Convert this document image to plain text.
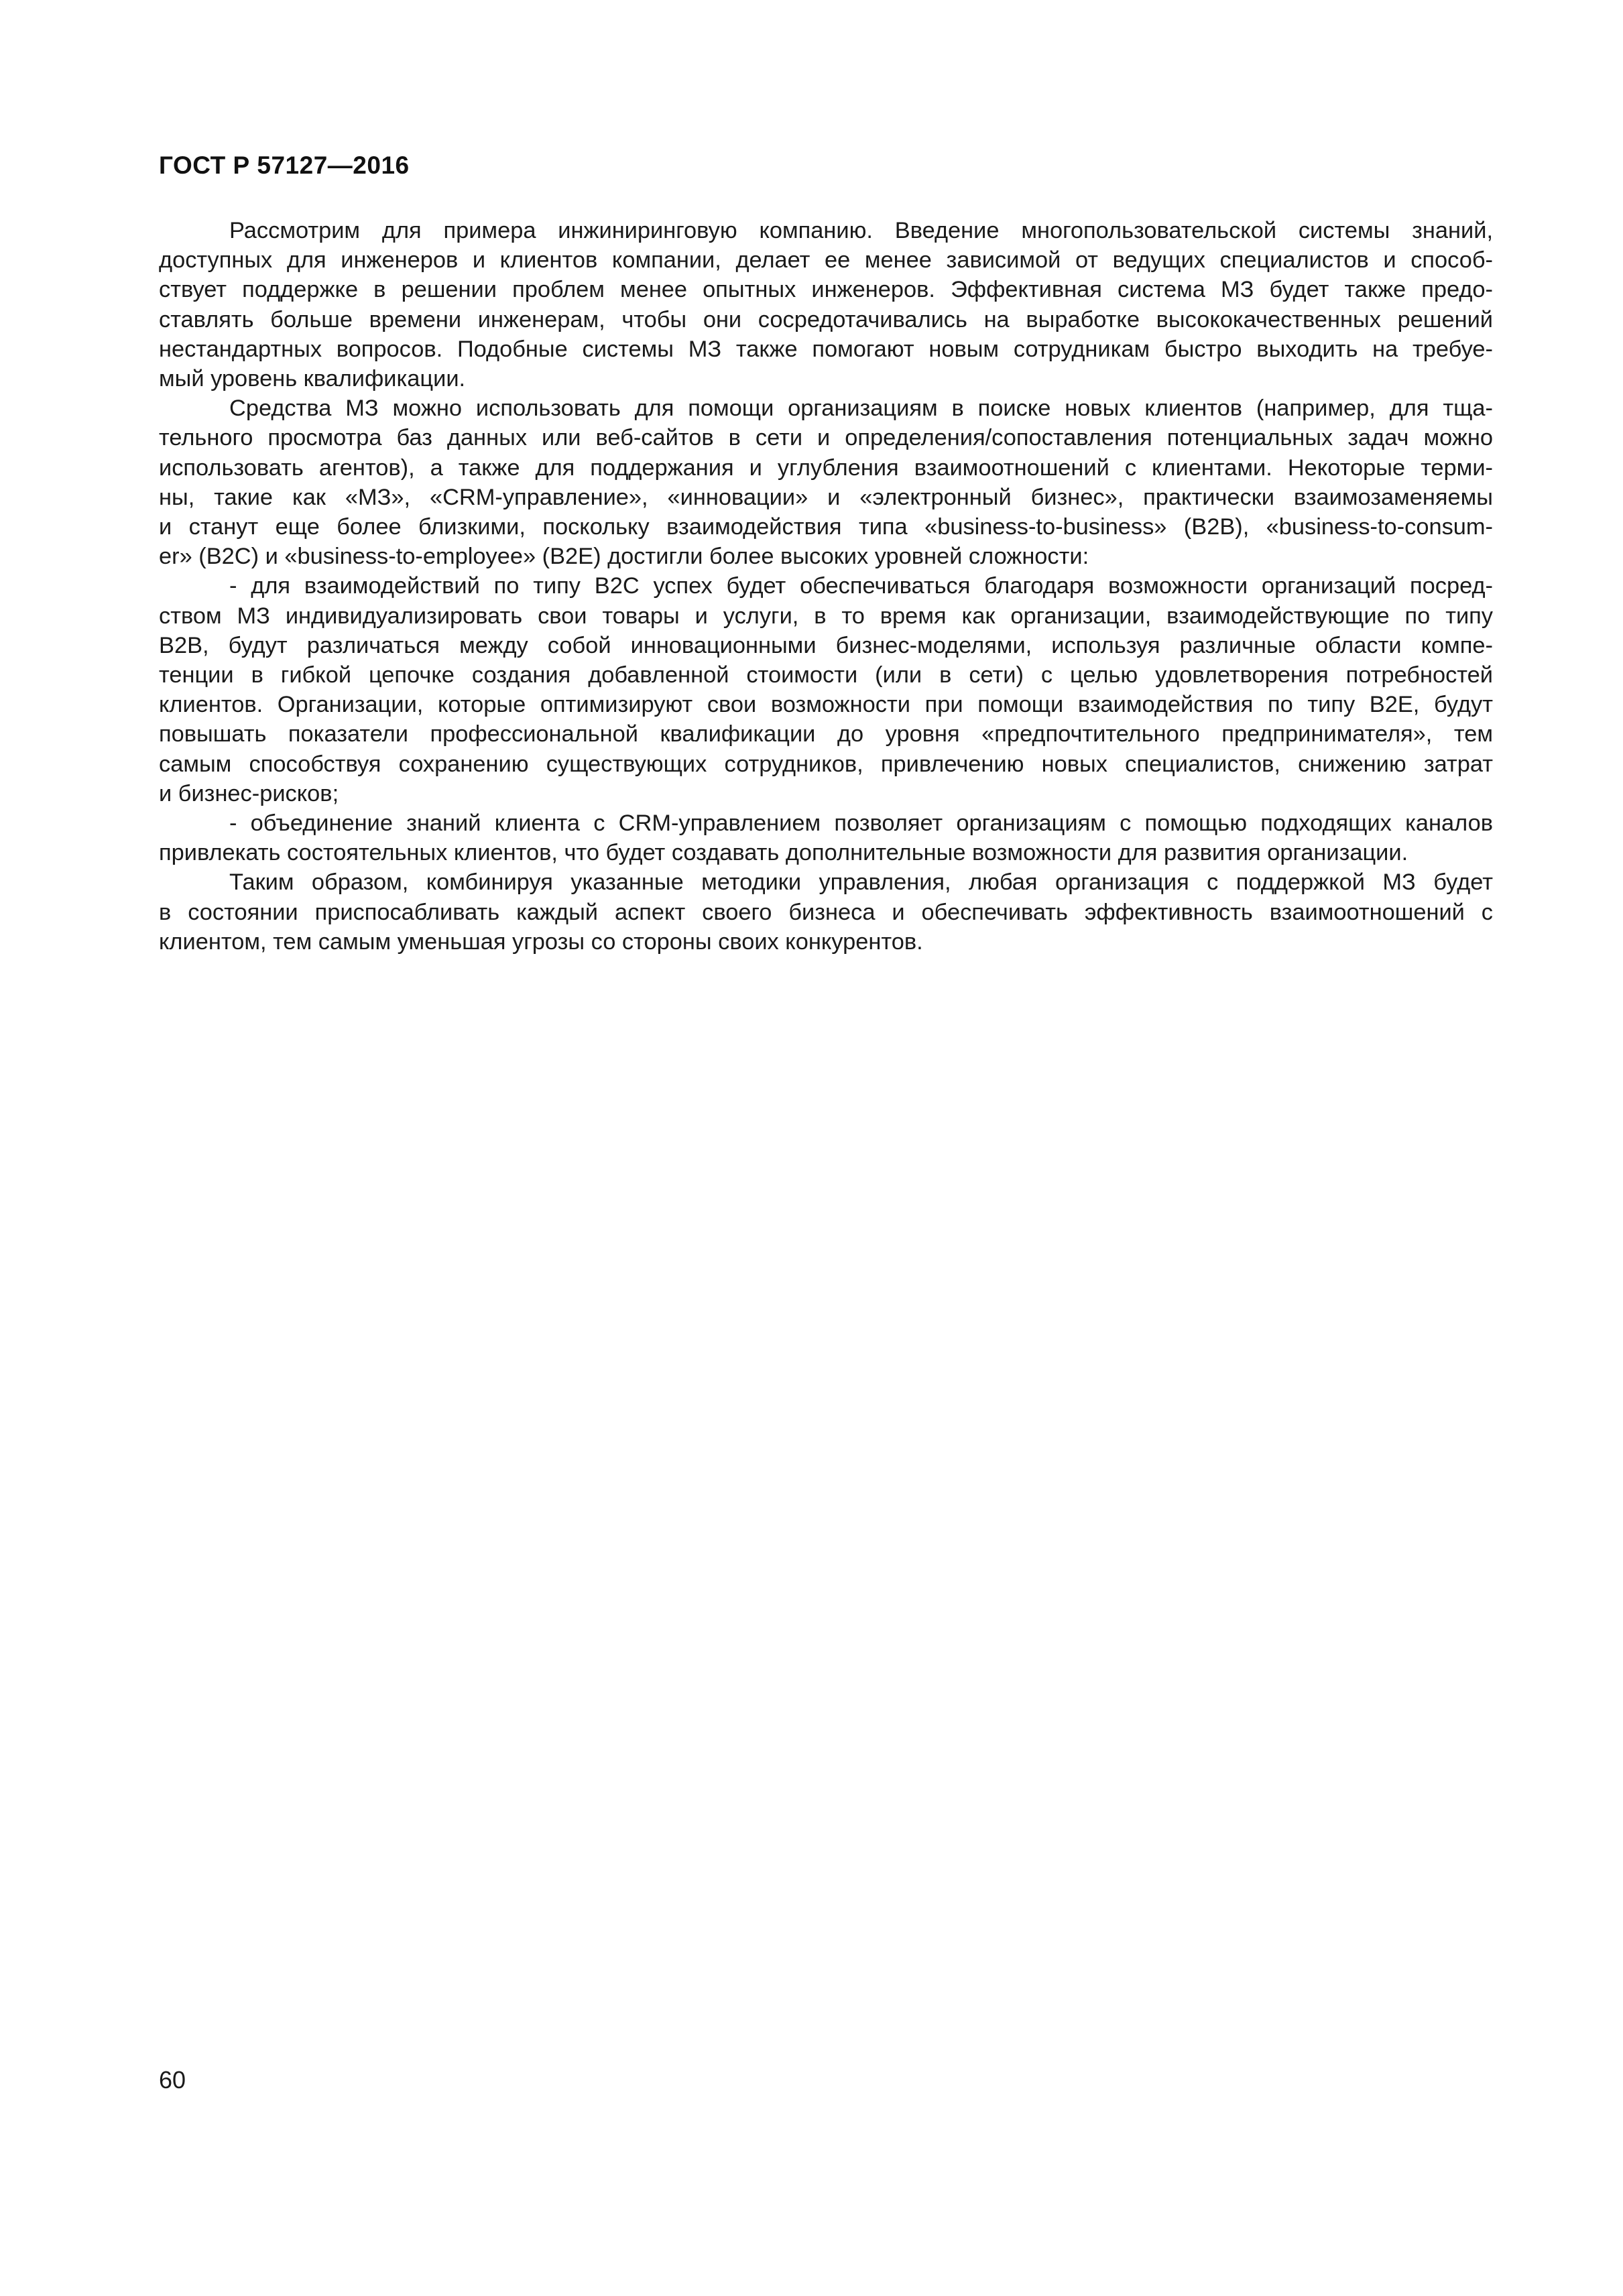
ГОСТ Р 57127—2016
Рассмотрим для примера инжиниринговую компанию. Введение многопользовательской системы знаний,
доступных для инженеров и клиентов компании, делает ее менее зависимой от ведущих специалистов и способ-
ствует поддержке в решении проблем менее опытных инженеров. Эффективная система МЗ будет также предо-
ставлять больше времени инженерам, чтобы они сосредотачивались на выработке высококачественных решений
нестандартных вопросов. Подобные системы МЗ также помогают новым сотрудникам быстро выходить на требуе-
мый уровень квалификации.
Средства МЗ можно использовать для помощи организациям в поиске новых клиентов (например, для тща-
тельного просмотра баз данных или веб-сайтов в сети и определения/сопоставления потенциальных задач можно
использовать агентов), а также для поддержания и углубления взаимоотношений с клиентами. Некоторые терми-
ны, такие как «МЗ», «CRM-управление», «инновации» и «электронный бизнес», практически взаимозаменяемы
и станут еще более близкими, поскольку взаимодействия типа «business-to-business» (B2B), «business-to-consum-
er» (B2C) и «business-to-employee» (B2E) достигли более высоких уровней сложности:
- для взаимодействий по типу B2C успех будет обеспечиваться благодаря возможности организаций посред-
ством МЗ индивидуализировать свои товары и услуги, в то время как организации, взаимодействующие по типу
B2B, будут различаться между собой инновационными бизнес-моделями, используя различные области компе-
тенции в гибкой цепочке создания добавленной стоимости (или в сети) с целью удовлетворения потребностей
клиентов. Организации, которые оптимизируют свои возможности при помощи взаимодействия по типу B2E, будут
повышать показатели профессиональной квалификации до уровня «предпочтительного предпринимателя», тем
самым способствуя сохранению существующих сотрудников, привлечению новых специалистов, снижению затрат
и бизнес-рисков;
- объединение знаний клиента с CRM-управлением позволяет организациям с помощью подходящих каналов
привлекать состоятельных клиентов, что будет создавать дополнительные возможности для развития организации.
Таким образом, комбинируя указанные методики управления, любая организация с поддержкой МЗ будет
в состоянии приспосабливать каждый аспект своего бизнеса и обеспечивать эффективность взаимоотношений с
клиентом, тем самым уменьшая угрозы со стороны своих конкурентов.

60
